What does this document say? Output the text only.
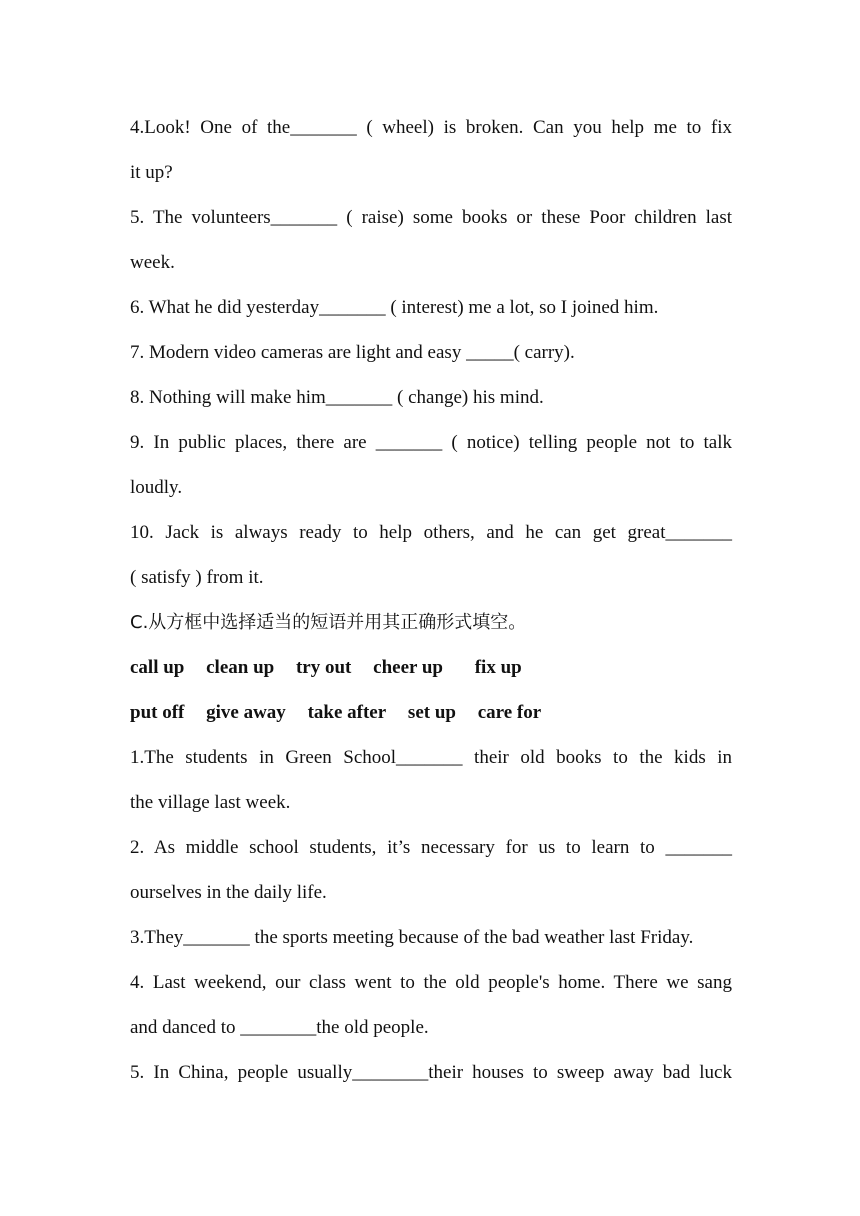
4.Look! One of the_______ ( wheel) is broken. Can you help me to fix

it up?

5. The volunteers_______ ( raise) some books or these Poor children last

week.

6. What he did yesterday_______ ( interest) me a lot, so I joined him.

7. Modern video cameras are light and easy _____( carry).

8. Nothing will make him_______ ( change) his mind.

9. In public places, there are _______ ( notice) telling people not to talk

loudly.

10. Jack is always ready to help others, and he can get great_______

( satisfy ) from it.

C.从方框中选择适当的短语并用其正确形式填空。

call up clean up try out cheer up fix up

put off give away take after set up care for

1.The students in Green School_______ their old books to the kids in

the village last week.

2. As middle school students, it’s necessary for us to learn to _______

ourselves in the daily life.

3.They_______ the sports meeting because of the bad weather last Friday.

4. Last weekend, our class went to the old people's home. There we sang

and danced to ________the old people.

5. In China, people usually________their houses to sweep away bad luck
